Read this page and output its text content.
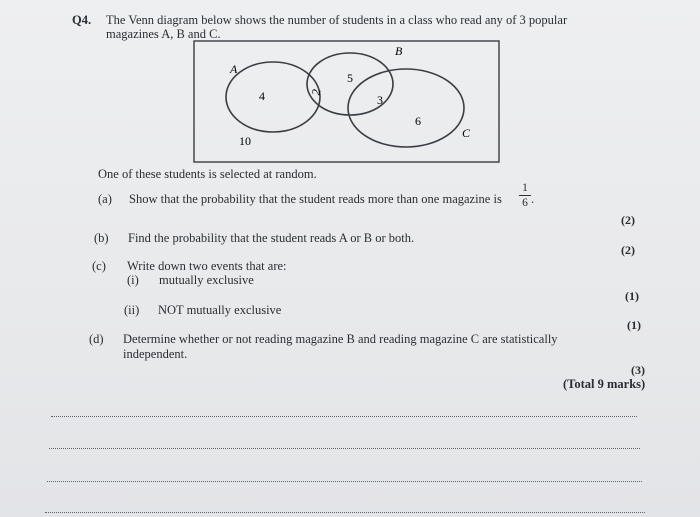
Q4. The Venn diagram below shows the number of students in a class who read any of 3 popular
magazines A, B and C.
A
B
C
4	2
5
3
6
10
One of these students is selected at random.
(a) Show that the probability that the student reads more than one magazine is
1
6 .
(2)
(b) Find the probability that the student reads A or B or both.
(2)
(c) Write down two events that are:
(i) mutually exclusive
(1)
(ii) NOT mutually exclusive
(1)
(d) Determine whether or not reading magazine B and reading magazine C are statistically
independent.
(3)
(Total 9 marks)
